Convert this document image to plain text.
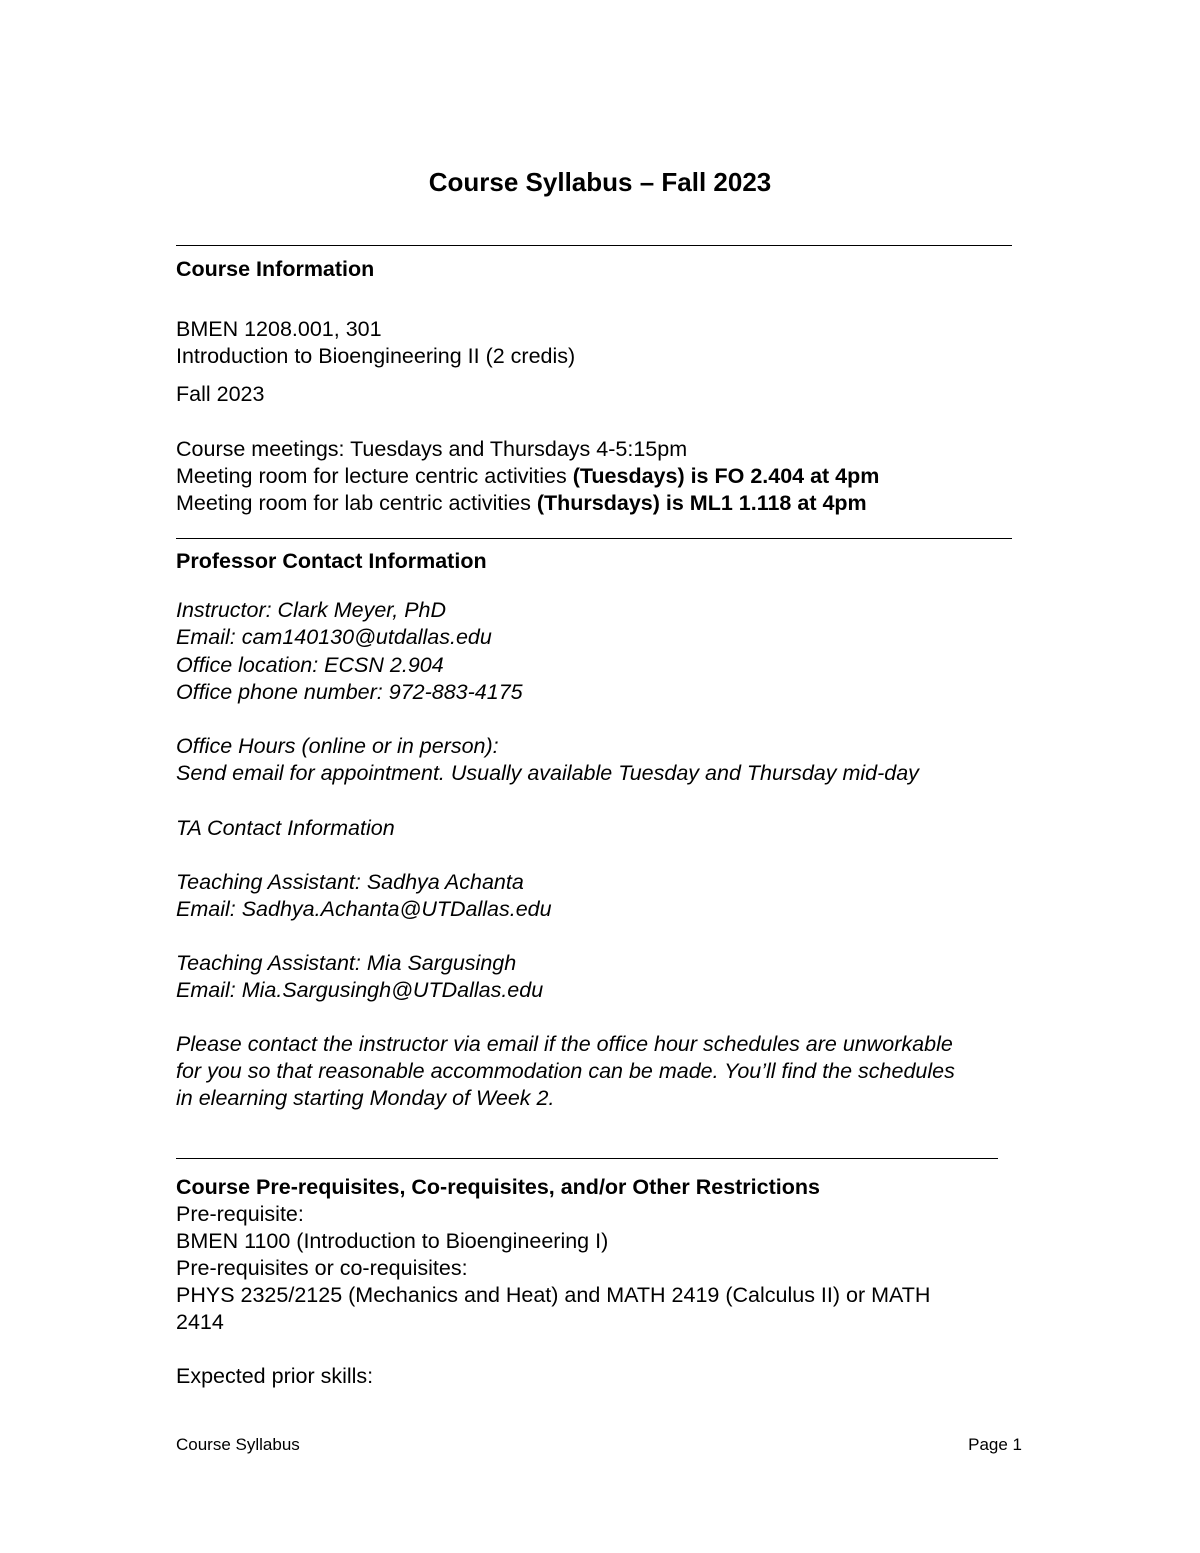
Course Syllabus – Fall 2023

Course Information

BMEN 1208.001, 301

Introduction to Bioengineering II (2 credis)

Fall 2023

Course meetings: Tuesdays and Thursdays 4-5:15pm

Meeting room for lecture centric activities (Tuesdays) is FO 2.404 at 4pm

Meeting room for lab centric activities (Thursdays) is ML1 1.118 at 4pm

Professor Contact Information

Instructor: Clark Meyer, PhD

Email: cam140130@utdallas.edu

Office location: ECSN 2.904

Office phone number: 972-883-4175

Office Hours (online or in person):

Send email for appointment. Usually available Tuesday and Thursday mid-day

TA Contact Information

Teaching Assistant: Sadhya Achanta

Email: Sadhya.Achanta@UTDallas.edu

Teaching Assistant: Mia Sargusingh

Email: Mia.Sargusingh@UTDallas.edu

Please contact the instructor via email if the office hour schedules are unworkable

for you so that reasonable accommodation can be made. You’ll find the schedules

in elearning starting Monday of Week 2.

Course Pre-requisites, Co-requisites, and/or Other Restrictions

Pre-requisite:

BMEN 1100 (Introduction to Bioengineering I)

Pre-requisites or co-requisites:

PHYS 2325/2125 (Mechanics and Heat) and MATH 2419 (Calculus II) or MATH

2414

Expected prior skills:

Course Syllabus	Page 1
